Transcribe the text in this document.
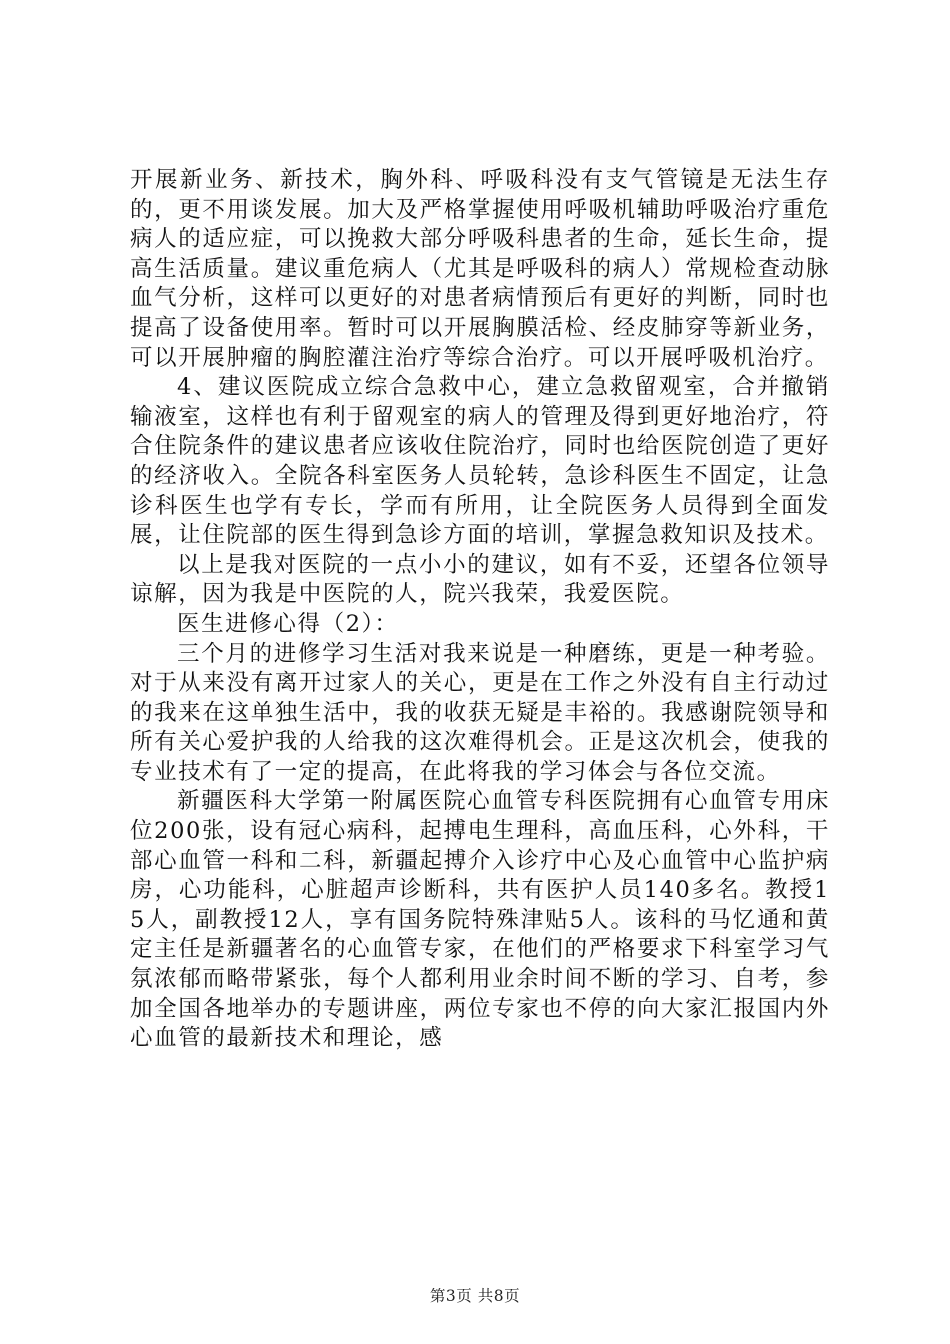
开展新业务、新技术，胸外科、呼吸科没有支气管镜是无法生存的，更不用谈发展。加大及严格掌握使用呼吸机辅助呼吸治疗重危病人的适应症，可以挽救大部分呼吸科患者的生命，延长生命，提高生活质量。建议重危病人（尤其是呼吸科的病人）常规检查动脉血气分析，这样可以更好的对患者病情预后有更好的判断，同时也提高了设备使用率。暂时可以开展胸膜活检、经皮肺穿等新业务，可以开展肿瘤的胸腔灌注治疗等综合治疗。可以开展呼吸机治疗。

4、建议医院成立综合急救中心，建立急救留观室，合并撤销输液室，这样也有利于留观室的病人的管理及得到更好地治疗，符合住院条件的建议患者应该收住院治疗，同时也给医院创造了更好的经济收入。全院各科室医务人员轮转，急诊科医生不固定，让急诊科医生也学有专长，学而有所用，让全院医务人员得到全面发展，让住院部的医生得到急诊方面的培训，掌握急救知识及技术。

以上是我对医院的一点小小的建议，如有不妥，还望各位领导谅解，因为我是中医院的人，院兴我荣，我爱医院。

医生进修心得（2）：

三个月的进修学习生活对我来说是一种磨练，更是一种考验。对于从来没有离开过家人的关心，更是在工作之外没有自主行动过的我来在这单独生活中，我的收获无疑是丰裕的。我感谢院领导和所有关心爱护我的人给我的这次难得机会。正是这次机会，使我的专业技术有了一定的提高，在此将我的学习体会与各位交流。

新疆医科大学第一附属医院心血管专科医院拥有心血管专用床位200张，设有冠心病科，起搏电生理科，高血压科，心外科，干部心血管一科和二科，新疆起搏介入诊疗中心及心血管中心监护病房，心功能科，心脏超声诊断科，共有医护人员140多名。教授15人，副教授12人，享有国务院特殊津贴5人。该科的马忆通和黄定主任是新疆著名的心血管专家，在他们的严格要求下科室学习气氛浓郁而略带紧张，每个人都利用业余时间不断的学习、自考，参加全国各地举办的专题讲座，两位专家也不停的向大家汇报国内外心血管的最新技术和理论，感

第3页 共8页
